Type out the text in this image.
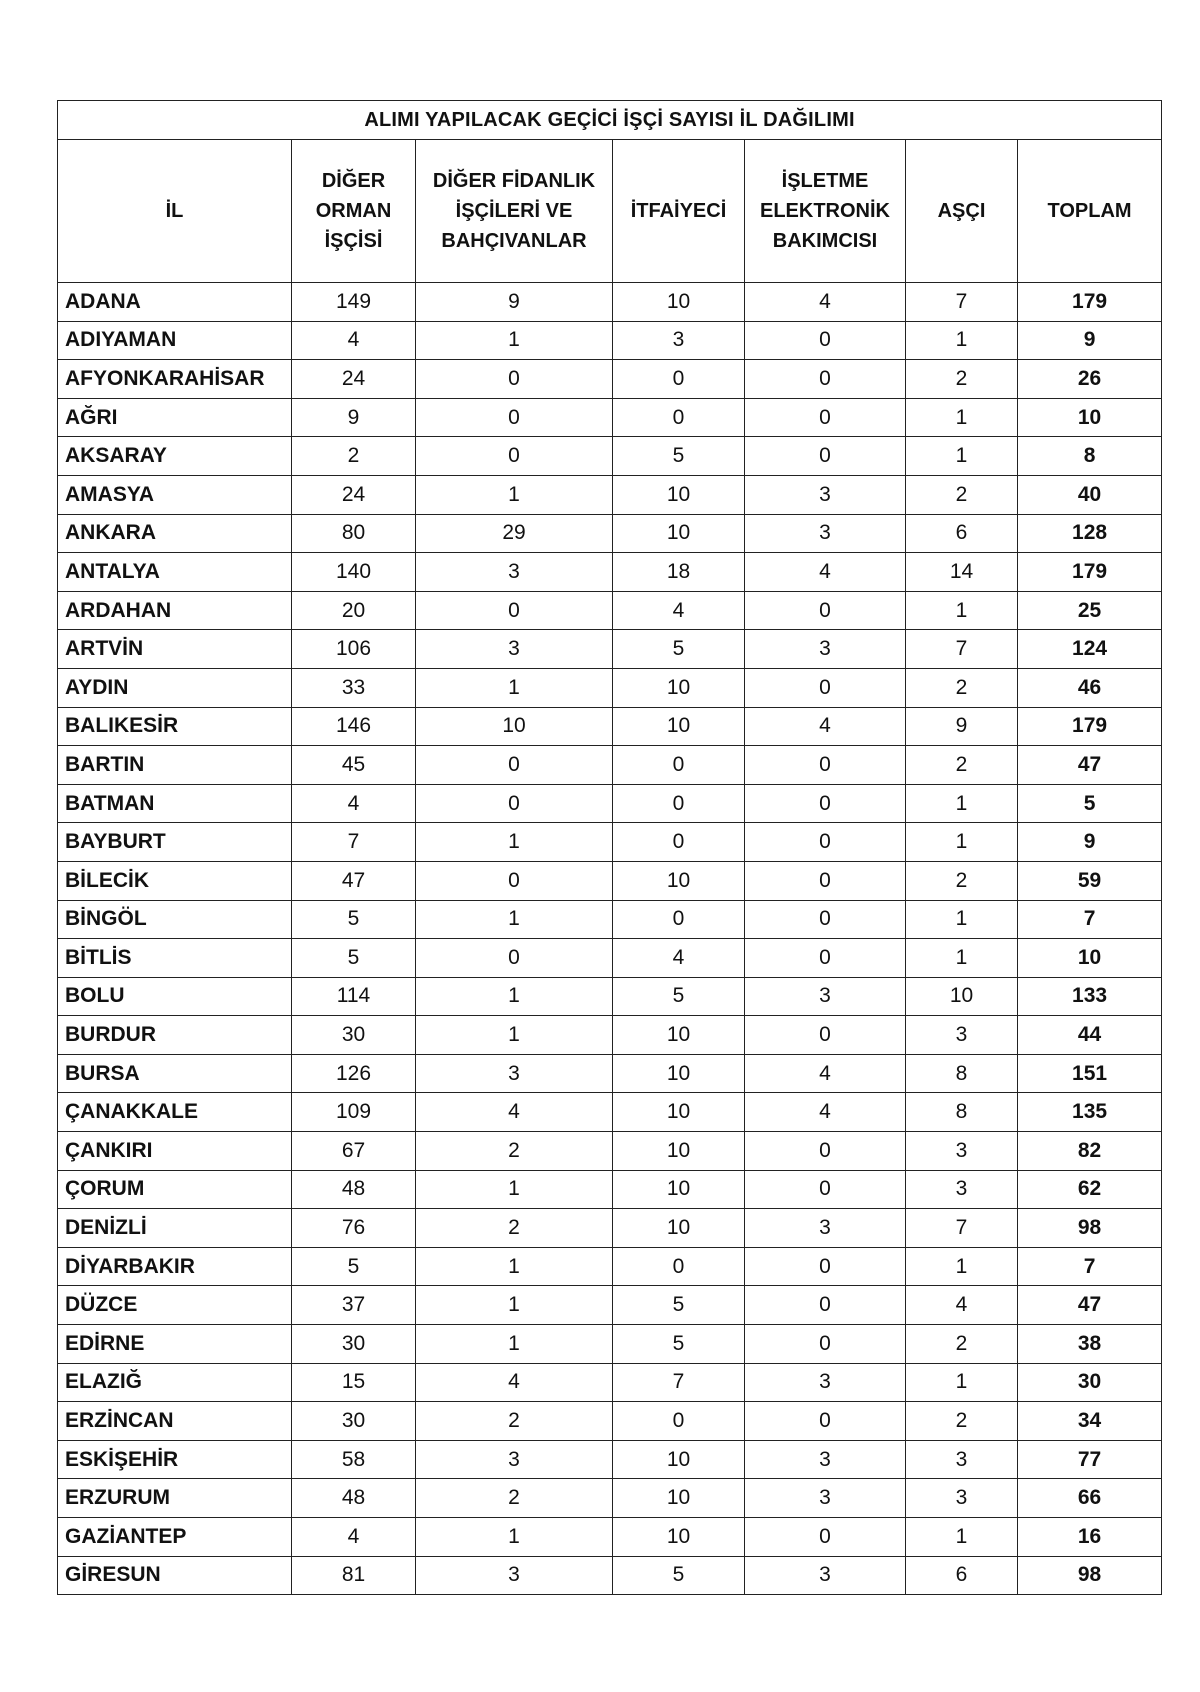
ALIMI YAPILACAK GEÇİCİ İŞÇİ SAYISI İL DAĞILIMI						

İL	DİĞER
ORMAN
İŞÇİSİ	DİĞER FİDANLIK
İŞÇİLERİ VE
BAHÇIVANLAR	İTFAİYECİ	İŞLETME
ELEKTRONİK
BAKIMCISI	AŞÇI	TOPLAM

ADANA	149	9	10	4	7	179
ADIYAMAN	4	1	3	0	1	9
AFYONKARAHİSAR	24	0	0	0	2	26
AĞRI	9	0	0	0	1	10
AKSARAY	2	0	5	0	1	8
AMASYA	24	1	10	3	2	40
ANKARA	80	29	10	3	6	128
ANTALYA	140	3	18	4	14	179
ARDAHAN	20	0	4	0	1	25
ARTVİN	106	3	5	3	7	124
AYDIN	33	1	10	0	2	46
BALIKESİR	146	10	10	4	9	179
BARTIN	45	0	0	0	2	47
BATMAN	4	0	0	0	1	5
BAYBURT	7	1	0	0	1	9
BİLECİK	47	0	10	0	2	59
BİNGÖL	5	1	0	0	1	7
BİTLİS	5	0	4	0	1	10
BOLU	114	1	5	3	10	133
BURDUR	30	1	10	0	3	44
BURSA	126	3	10	4	8	151
ÇANAKKALE	109	4	10	4	8	135
ÇANKIRI	67	2	10	0	3	82
ÇORUM	48	1	10	0	3	62
DENİZLİ	76	2	10	3	7	98
DİYARBAKIR	5	1	0	0	1	7
DÜZCE	37	1	5	0	4	47
EDİRNE	30	1	5	0	2	38
ELAZIĞ	15	4	7	3	1	30
ERZİNCAN	30	2	0	0	2	34
ESKİŞEHİR	58	3	10	3	3	77
ERZURUM	48	2	10	3	3	66
GAZİANTEP	4	1	10	0	1	16
GİRESUN	81	3	5	3	6	98
